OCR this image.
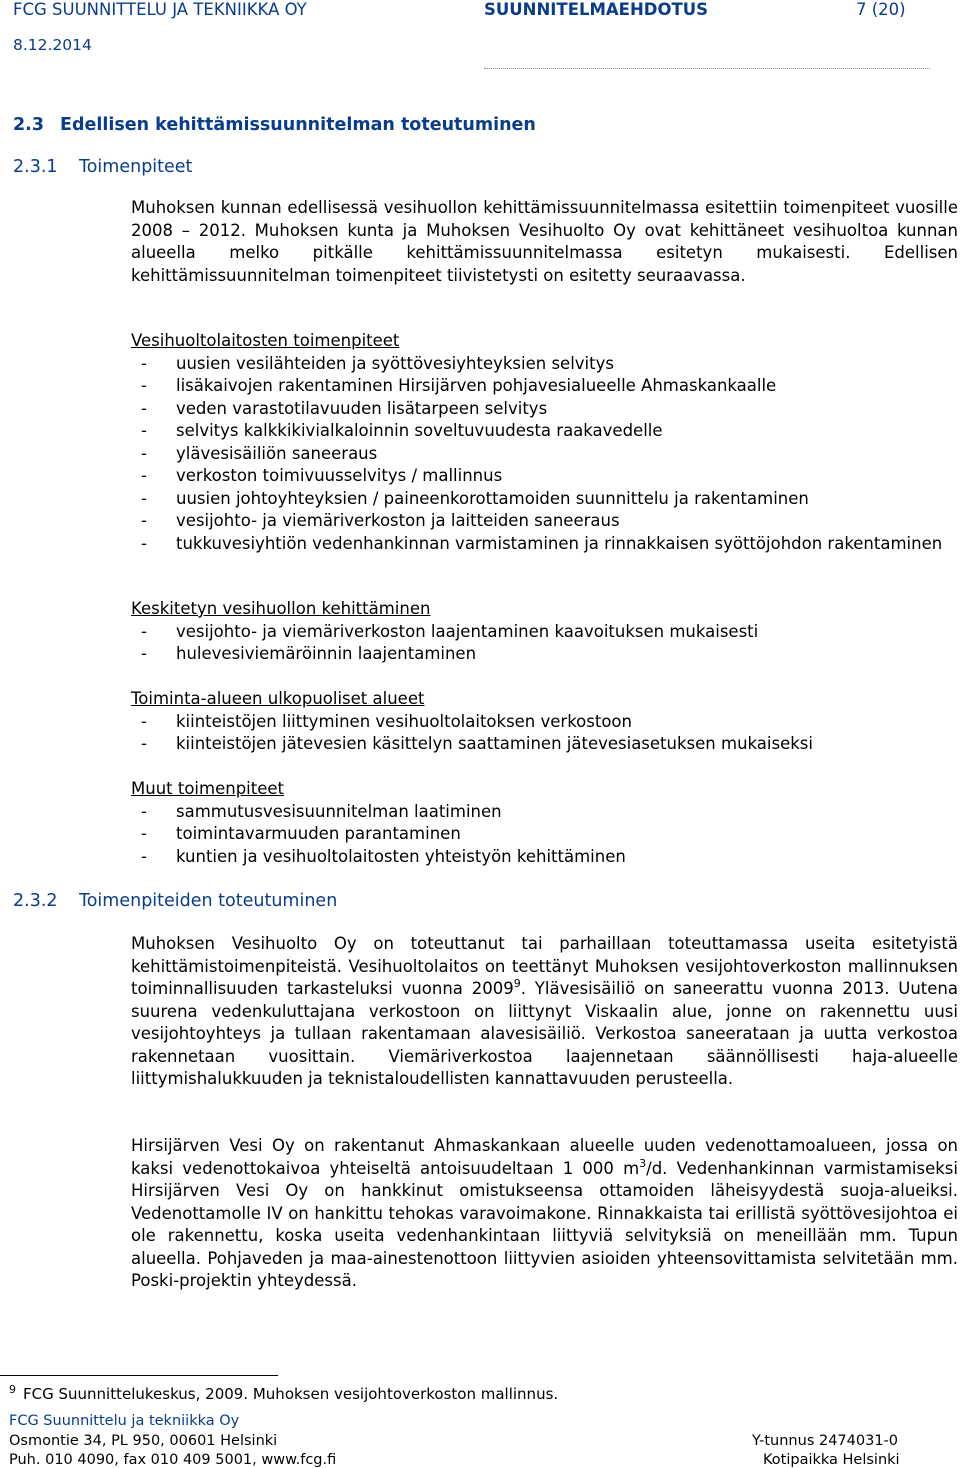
FCG SUUNNITTELU JA TEKNIIKKA OY	SUUNNITELMAEHDOTUS	7 (20)
8.12.2014
2.3 Edellisen kehittämissuunnitelman toteutuminen
2.3.1 Toimenpiteet

Muhoksen kunnan edellisessä vesihuollon kehittämissuunnitelmassa esitettiin toimenpiteet vuosille 2008 – 2012. Muhoksen kunta ja Muhoksen Vesihuolto Oy ovat kehittäneet vesihuoltoa kunnan alueella melko pitkälle kehittämissuunnitelmassa esitetyn mukaisesti. Edellisen kehittämissuunnitelman toimenpiteet tiivistetysti on esitetty seuraavassa.

Vesihuoltolaitosten toimenpiteet
- uusien vesilähteiden ja syöttövesiyhteyksien selvitys
- lisäkaivojen rakentaminen Hirsijärven pohjavesialueelle Ahmaskankaalle
- veden varastotilavuuden lisätarpeen selvitys
- selvitys kalkkikivialkaloinnin soveltuvuudesta raakavedelle
- ylävesisäiliön saneeraus
- verkoston toimivuusselvitys / mallinnus
- uusien johtoyhteyksien / paineenkorottamoiden suunnittelu ja rakentaminen
- vesijohto- ja viemäriverkoston ja laitteiden saneeraus
- tukkuvesiyhtiön vedenhankinnan varmistaminen ja rinnakkaisen syöttöjohdon rakentaminen
Keskitetyn vesihuollon kehittäminen
- vesijohto- ja viemäriverkoston laajentaminen kaavoituksen mukaisesti
- hulevesiviemäröinnin laajentaminen
Toiminta-alueen ulkopuoliset alueet
- kiinteistöjen liittyminen vesihuoltolaitoksen verkostoon
- kiinteistöjen jätevesien käsittelyn saattaminen jätevesiasetuksen mukaiseksi
Muut toimenpiteet
- sammutusvesisuunnitelman laatiminen
- toimintavarmuuden parantaminen
- kuntien ja vesihuoltolaitosten yhteistyön kehittäminen
2.3.2 Toimenpiteiden toteutuminen

Muhoksen Vesihuolto Oy on toteuttanut tai parhaillaan toteuttamassa useita esitetyistä kehittämistoimenpiteistä. Vesihuoltolaitos on teettänyt Muhoksen vesijohtoverkoston mallinnuksen toiminnallisuuden tarkasteluksi vuonna 2009$^9$. Ylävesisäiliö on saneerattu vuonna 2013. Uutena suurena vedenkuluttajana verkostoon on liittynyt Viskaalin alue, jonne on rakennettu uusi vesijohtoyhteys ja tullaan rakentamaan alavesisäiliö. Verkostoa saneerataan ja uutta verkostoa rakennetaan vuosittain. Viemäriverkostoa laajennetaan säännöllisesti haja-alueelle liittymishalukkuuden ja teknistaloudellisten kannattavuuden perusteella.

Hirsijärven Vesi Oy on rakentanut Ahmaskankaan alueelle uuden vedenottamoalueen, jossa on kaksi vedenottokaivoa yhteiseltä antoisuudeltaan 1 000 $m^3/d$. Vedenhankinnan varmistamiseksi Hirsijärven Vesi Oy on hankkinut omistukseensa ottamoiden läheisyydestä suoja-alueiksi. Vedenottamolle IV on hankittu tehokas varavoimakone. Rinnakkaista tai erillistä syöttövesijohtoa ei ole rakennettu, koska useita vedenhankintaan liittyviä selvityksiä on meneillään mm. Tupun alueella. Pohjaveden ja maa-ainestenottoon liittyvien asioiden yhteensovittamista selvitetään mm. Poski-projektin yhteydessä.

$^9$ FCG Suunnittelukeskus, 2009. Muhoksen vesijohtoverkoston mallinnus.
FCG Suunnittelu ja tekniikka Oy
Osmontie 34, PL 950, 00601 Helsinki
Puh. 010 4090, fax 010 409 5001, www.fcg.fi
Y-tunnus 2474031-0
Kotipaikka Helsinki
